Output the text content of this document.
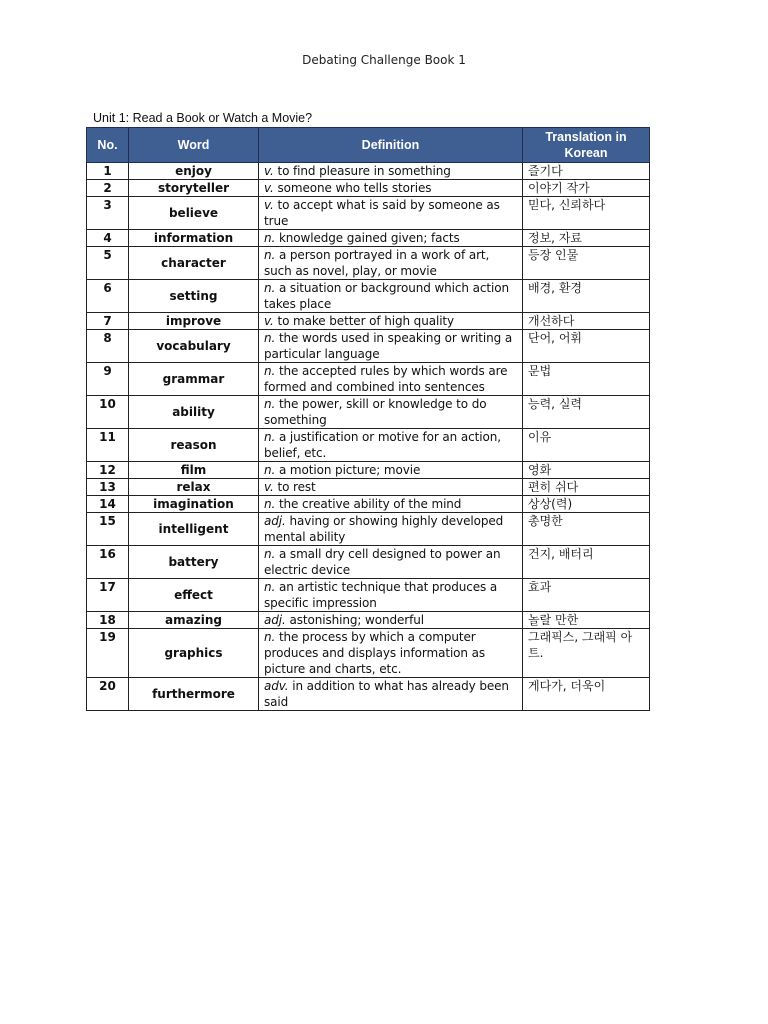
Debating Challenge Book 1
Unit 1: Read a Book or Watch a Movie?
No.	Word	Definition	Translation in Korean
1	enjoy	v. to find pleasure in something	즐기다
2	storyteller	v. someone who tells stories	이야기 작가
3	believe	v. to accept what is said by someone as true	믿다, 신뢰하다
4	information	n. knowledge gained given; facts	정보, 자료
5	character	n. a person portrayed in a work of art, such as novel, play, or movie	등장 인물
6	setting	n. a situation or background which action takes place	배경, 환경
7	improve	v. to make better of high quality	개선하다
8	vocabulary	n. the words used in speaking or writing a particular language	단어, 어휘
9	grammar	n. the accepted rules by which words are formed and combined into sentences	문법
10	ability	n. the power, skill or knowledge to do something	능력, 실력
11	reason	n. a justification or motive for an action, belief, etc.	이유
12	film	n. a motion picture; movie	영화
13	relax	v. to rest	편히 쉬다
14	imagination	n. the creative ability of the mind	상상(력)
15	intelligent	adj. having or showing highly developed mental ability	총명한
16	battery	n. a small dry cell designed to power an electric device	건지, 배터리
17	effect	n. an artistic technique that produces a specific impression	효과
18	amazing	adj. astonishing; wonderful	놀랄 만한
19	graphics	n. the process by which a computer produces and displays information as picture and charts, etc.	그래픽스, 그래픽 아트.
20	furthermore	adv. in addition to what has already been said	게다가, 더욱이
